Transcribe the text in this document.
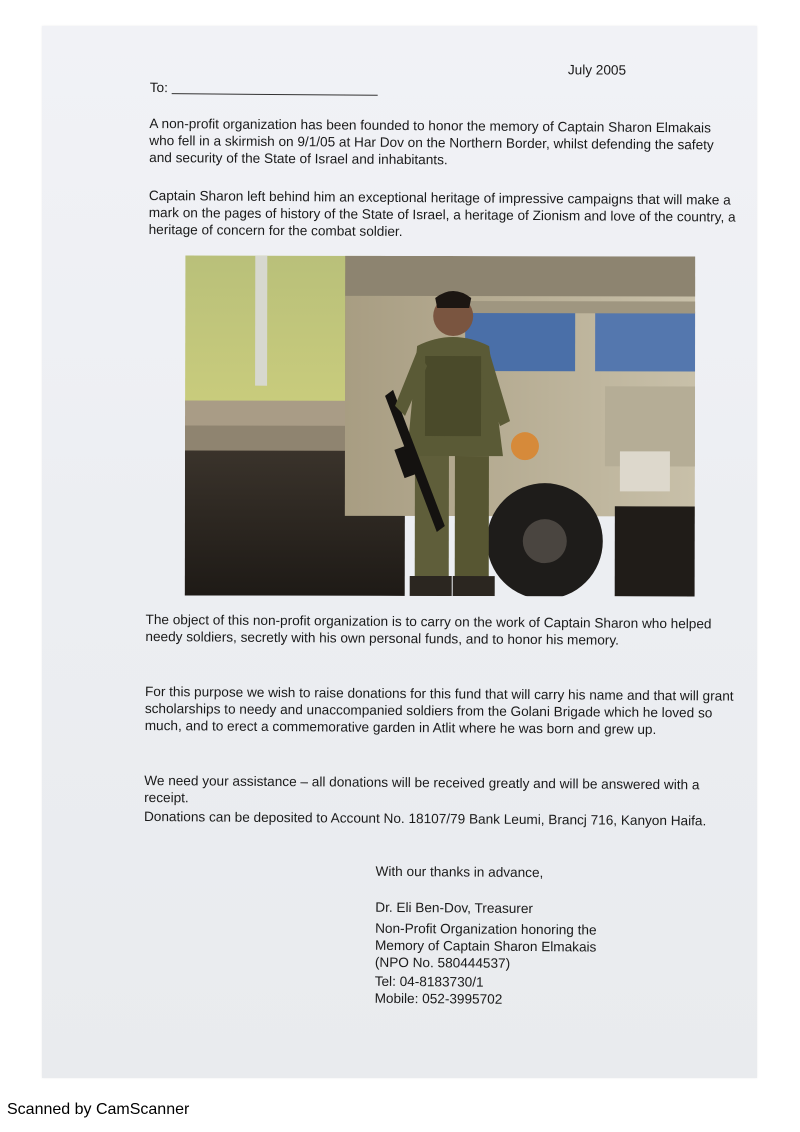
July 2005
To:

A non-profit organization has been founded to honor the memory of Captain Sharon Elmakais who fell in a skirmish on 9/1/05 at Har Dov on the Northern Border, whilst defending the safety and security of the State of Israel and inhabitants.

Captain Sharon left behind him an exceptional heritage of impressive campaigns that will make a mark on the pages of history of the State of Israel, a heritage of Zionism and love of the country, a heritage of concern for the combat soldier.

The object of this non-profit organization is to carry on the work of Captain Sharon who helped needy soldiers, secretly with his own personal funds, and to honor his memory.

For this purpose we wish to raise donations for this fund that will carry his name and that will grant scholarships to needy and unaccompanied soldiers from the Golani Brigade which he loved so much, and to erect a commemorative garden in Atlit where he was born and grew up.

We need your assistance – all donations will be received greatly and will be answered with a receipt.

Donations can be deposited to Account No. 18107/79 Bank Leumi, Brancj 716, Kanyon Haifa.

With our thanks in advance,

Dr. Eli Ben-Dov, Treasurer
Non-Profit Organization honoring the
Memory of Captain Sharon Elmakais
(NPO No. 580444537)
Tel: 04-8183730/1
Mobile: 052-3995702
Scanned by CamScanner
